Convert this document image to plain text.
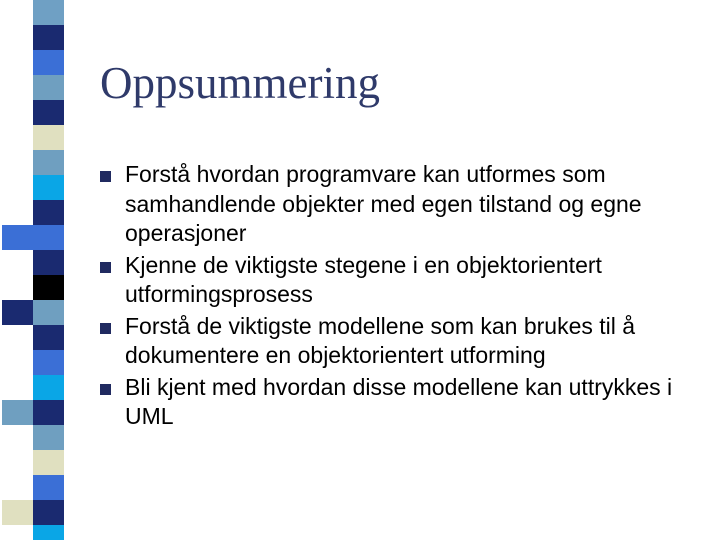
Oppsummering
Forstå hvordan programvare kan utformes som samhandlende objekter med egen tilstand og egne operasjoner
Kjenne de viktigste stegene i en objektorientert utformingsprosess
Forstå de viktigste modellene som kan brukes til å dokumentere en objektorientert utforming
Bli kjent med hvordan disse modellene kan uttrykkes i UML
